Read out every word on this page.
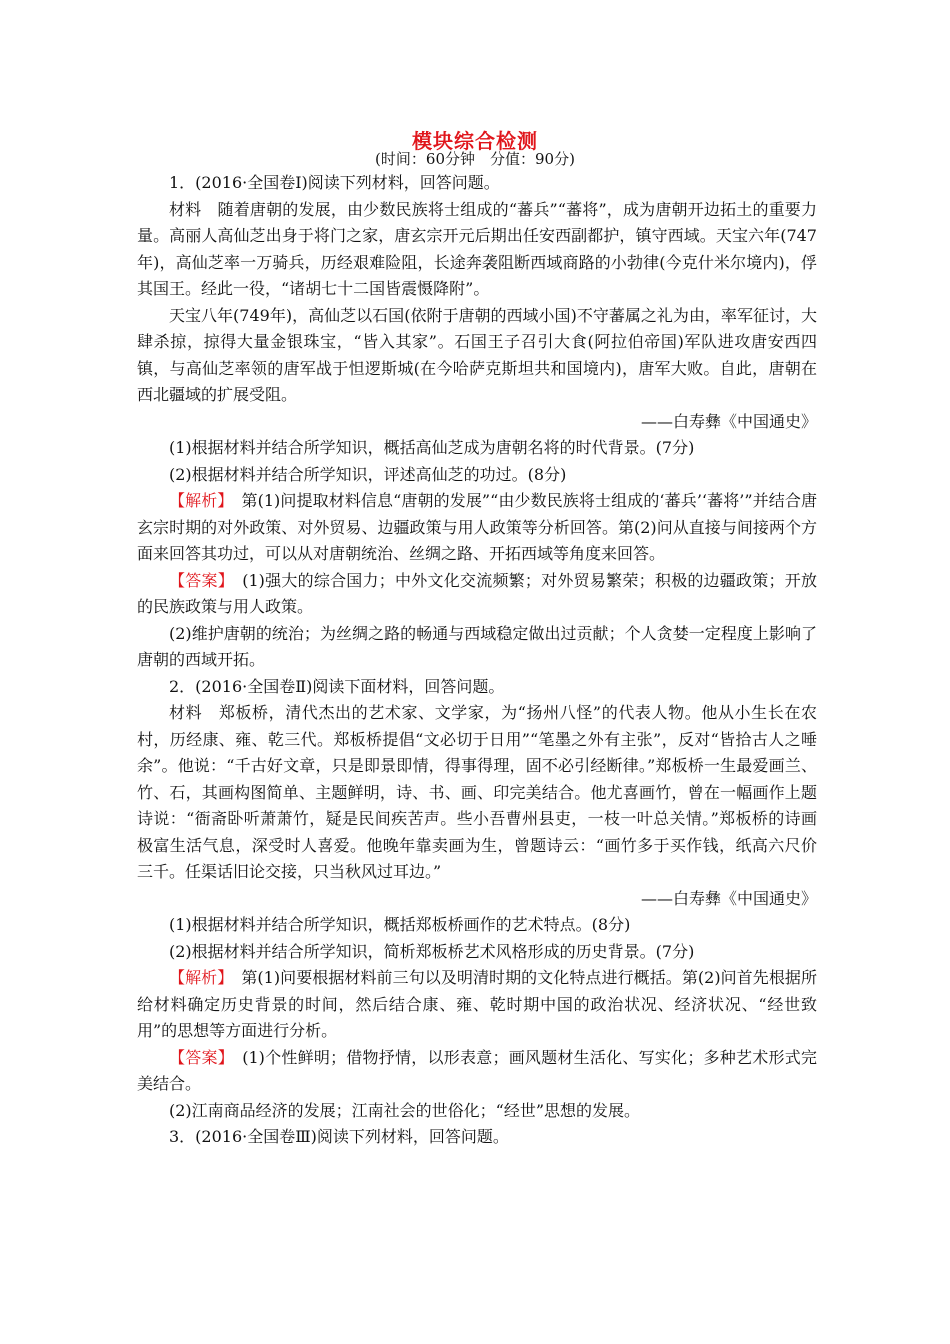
模块综合检测
(时间：60分钟　分值：90分)

1．(2016·全国卷Ⅰ)阅读下列材料，回答问题。

材料　随着唐朝的发展，由少数民族将士组成的“蕃兵”“蕃将”，成为唐朝开边拓土的重要力量。高丽人高仙芝出身于将门之家，唐玄宗开元后期出任安西副都护，镇守西域。天宝六年(747年)，高仙芝率一万骑兵，历经艰难险阻，长途奔袭阻断西域商路的小勃律(今克什米尔境内)，俘其国王。经此一役，“诸胡七十二国皆震慑降附”。

天宝八年(749年)，高仙芝以石国(依附于唐朝的西域小国)不守蕃属之礼为由，率军征讨，大肆杀掠，掠得大量金银珠宝，“皆入其家”。石国王子召引大食(阿拉伯帝国)军队进攻唐安西四镇，与高仙芝率领的唐军战于怛逻斯城(在今哈萨克斯坦共和国境内)，唐军大败。自此，唐朝在西北疆域的扩展受阻。

——白寿彝《中国通史》

(1)根据材料并结合所学知识，概括高仙芝成为唐朝名将的时代背景。(7分)

(2)根据材料并结合所学知识，评述高仙芝的功过。(8分)

【解析】　第(1)问提取材料信息“唐朝的发展”“由少数民族将士组成的‘蕃兵’‘蕃将’”并结合唐玄宗时期的对外政策、对外贸易、边疆政策与用人政策等分析回答。第(2)问从直接与间接两个方面来回答其功过，可以从对唐朝统治、丝绸之路、开拓西域等角度来回答。

【答案】　(1)强大的综合国力；中外文化交流频繁；对外贸易繁荣；积极的边疆政策；开放的民族政策与用人政策。

(2)维护唐朝的统治；为丝绸之路的畅通与西域稳定做出过贡献；个人贪婪一定程度上影响了唐朝的西域开拓。

2．(2016·全国卷Ⅱ)阅读下面材料，回答问题。

材料　郑板桥，清代杰出的艺术家、文学家，为“扬州八怪”的代表人物。他从小生长在农村，历经康、雍、乾三代。郑板桥提倡“文必切于日用”“笔墨之外有主张”，反对“皆拾古人之唾余”。他说：“千古好文章，只是即景即情，得事得理，固不必引经断律。”郑板桥一生最爱画兰、竹、石，其画构图简单、主题鲜明，诗、书、画、印完美结合。他尤喜画竹，曾在一幅画作上题诗说：“衙斋卧听萧萧竹，疑是民间疾苦声。些小吾曹州县吏，一枝一叶总关情。”郑板桥的诗画极富生活气息，深受时人喜爱。他晚年靠卖画为生，曾题诗云：“画竹多于买作钱，纸高六尺价三千。任渠话旧论交接，只当秋风过耳边。”

——白寿彝《中国通史》

(1)根据材料并结合所学知识，概括郑板桥画作的艺术特点。(8分)

(2)根据材料并结合所学知识，简析郑板桥艺术风格形成的历史背景。(7分)

【解析】　第(1)问要根据材料前三句以及明清时期的文化特点进行概括。第(2)问首先根据所给材料确定历史背景的时间，然后结合康、雍、乾时期中国的政治状况、经济状况、“经世致用”的思想等方面进行分析。

【答案】　(1)个性鲜明；借物抒情，以形表意；画风题材生活化、写实化；多种艺术形式完美结合。

(2)江南商品经济的发展；江南社会的世俗化；“经世”思想的发展。

3．(2016·全国卷Ⅲ)阅读下列材料，回答问题。
